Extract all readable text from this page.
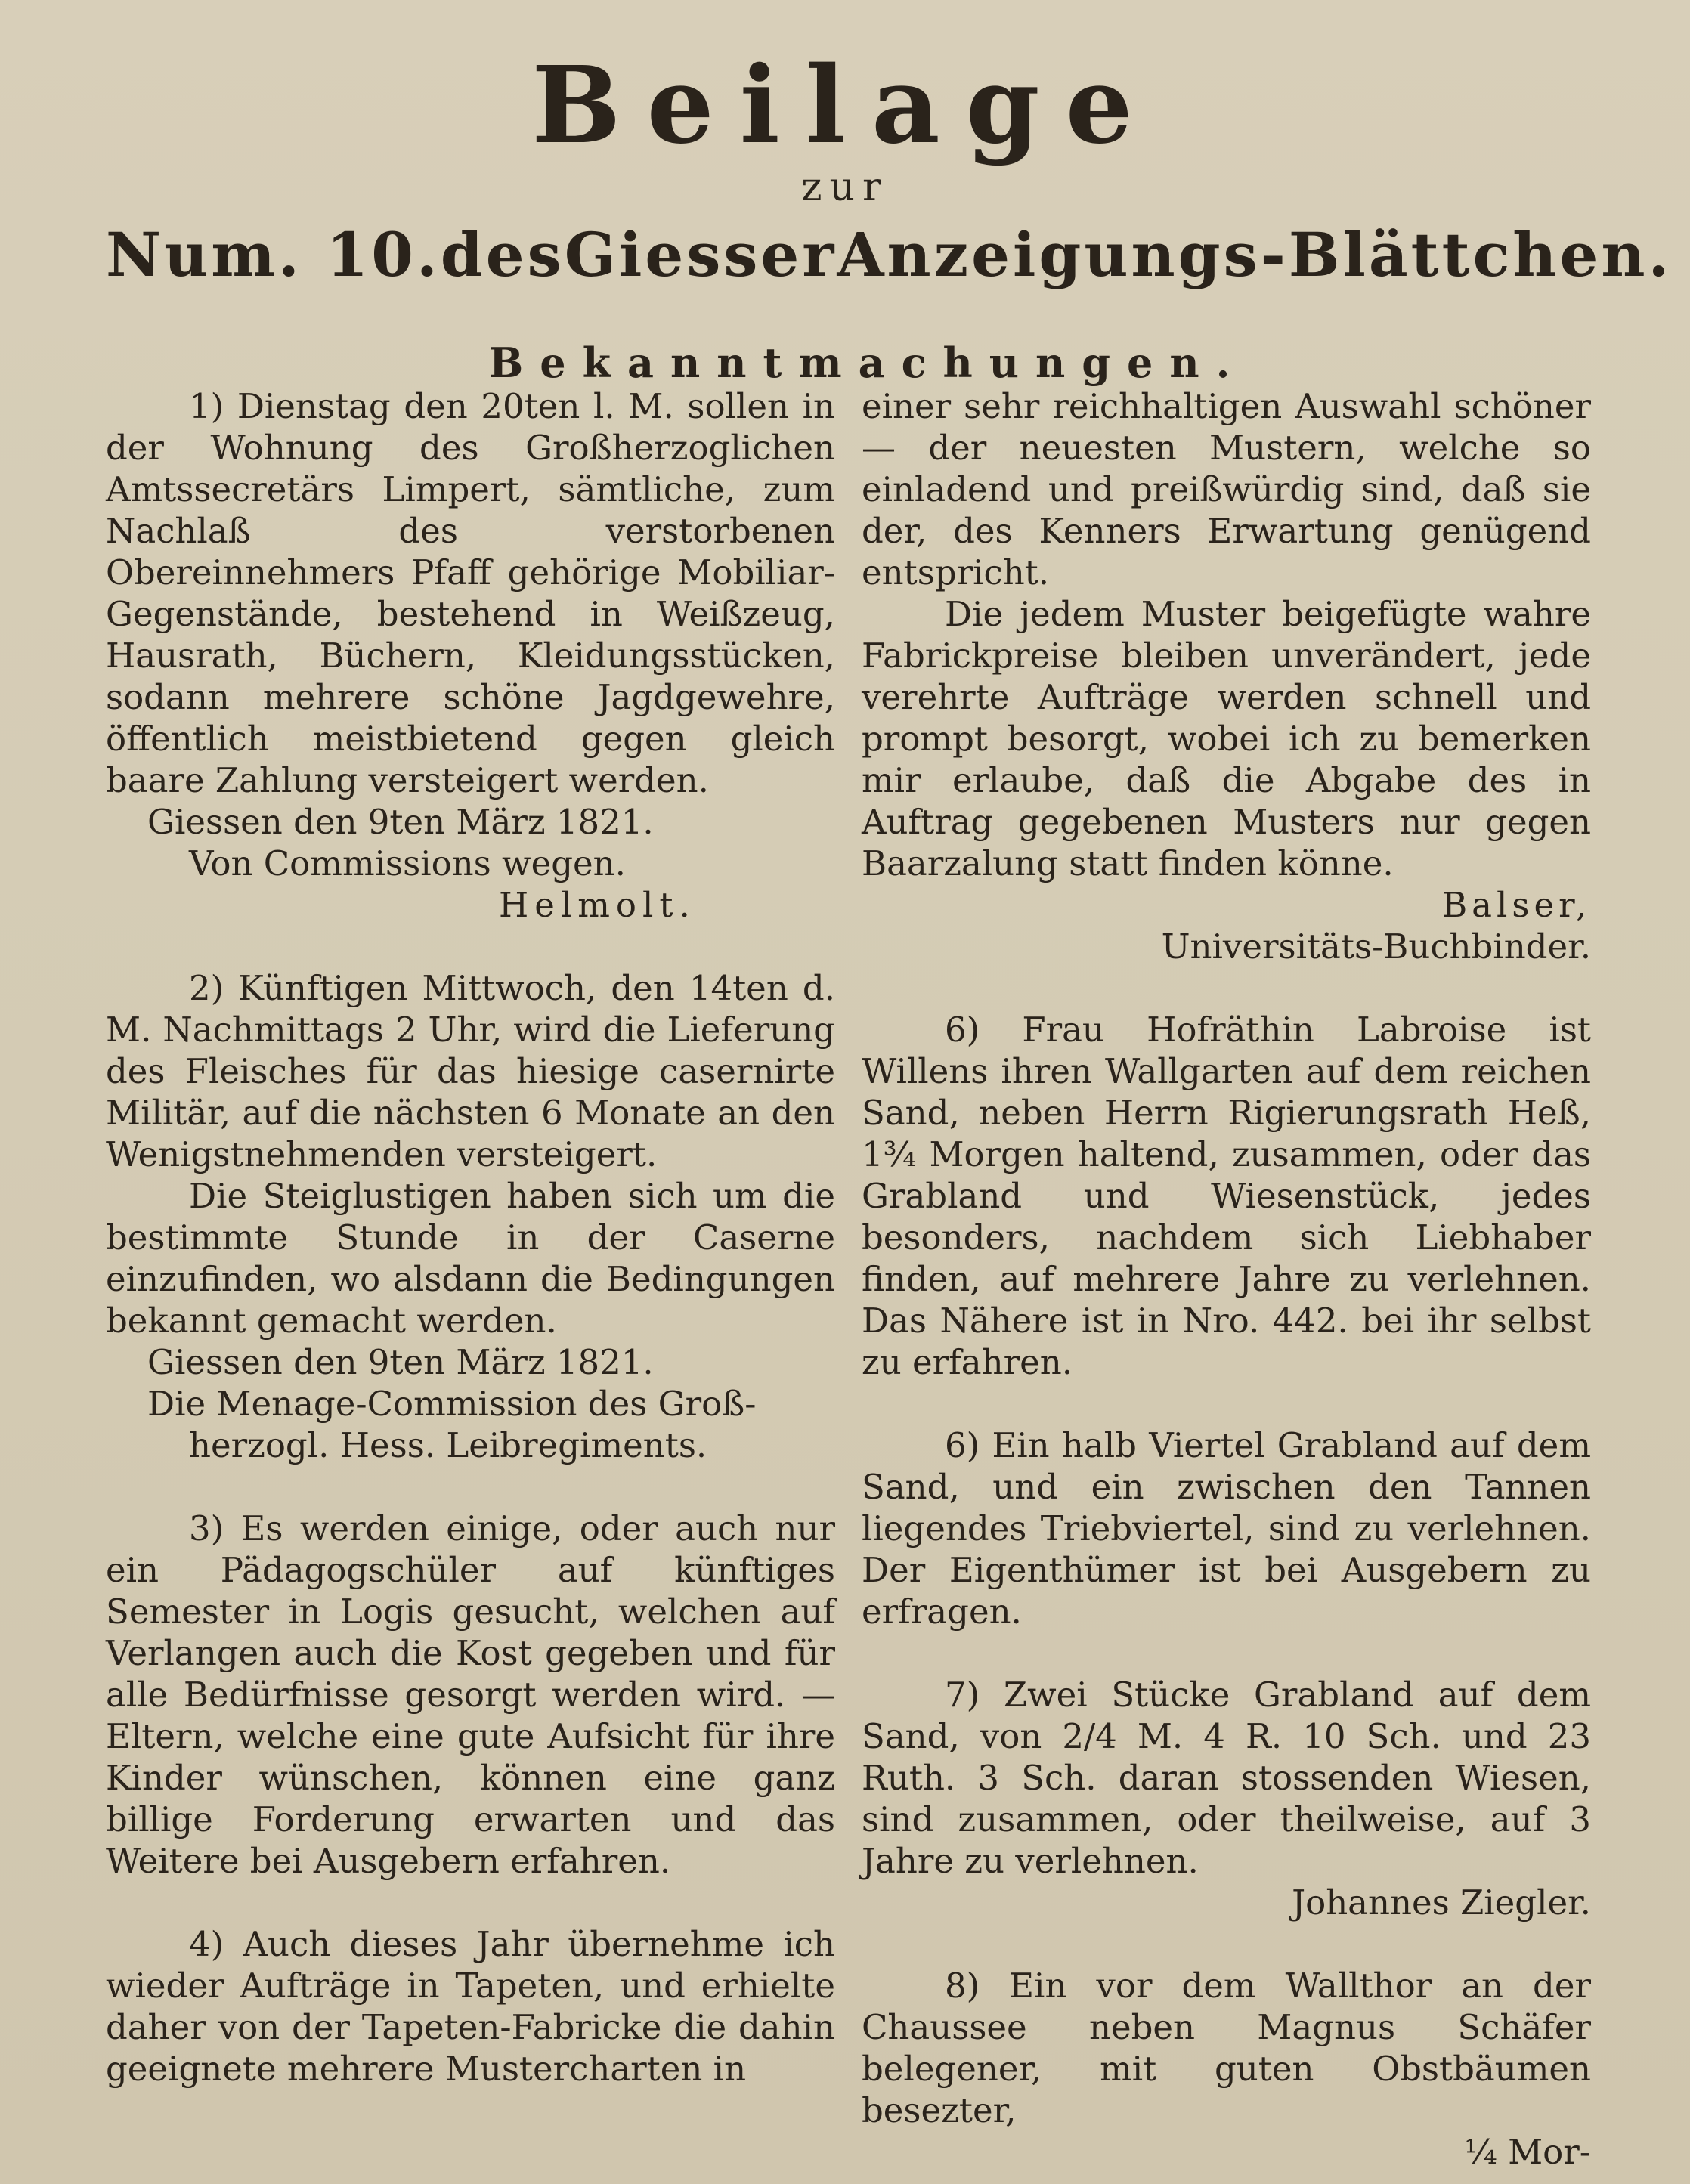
Beilage
zur
Num. 10. des Giesser Anzeigungs-Blättchen.
Bekanntmachungen.

1) Dienstag den 20ten l. M. sollen in der Wohnung des Großherzoglichen Amtssecretärs Limpert, sämtliche, zum Nachlaß des verstorbenen Obereinnehmers Pfaff gehörige Mobiliar-Gegenstände, bestehend in Weißzeug, Hausrath, Büchern, Kleidungsstücken, sodann mehrere schöne Jagdgewehre, öffentlich meistbietend gegen gleich baare Zahlung versteigert werden.

Giessen den 9ten März 1821.

Von Commissions wegen.

Helmolt.

2) Künftigen Mittwoch, den 14ten d. M. Nachmittags 2 Uhr, wird die Lieferung des Fleisches für das hiesige casernirte Militär, auf die nächsten 6 Monate an den Wenigstnehmenden versteigert.

Die Steiglustigen haben sich um die bestimmte Stunde in der Caserne einzufinden, wo alsdann die Bedingungen bekannt gemacht werden.

Giessen den 9ten März 1821.

Die Menage-Commission des Groß-

herzogl. Hess. Leibregiments.

3) Es werden einige, oder auch nur ein Pädagogschüler auf künftiges Semester in Logis gesucht, welchen auf Verlangen auch die Kost gegeben und für alle Bedürfnisse gesorgt werden wird. — Eltern, welche eine gute Aufsicht für ihre Kinder wünschen, können eine ganz billige Forderung erwarten und das Weitere bei Ausgebern erfahren.

4) Auch dieses Jahr übernehme ich wieder Aufträge in Tapeten, und erhielte daher von der Tapeten-Fabricke die dahin geeignete mehrere Mustercharten in

einer sehr reichhaltigen Auswahl schöner — der neuesten Mustern, welche so einladend und preißwürdig sind, daß sie der, des Kenners Erwartung genügend entspricht.

Die jedem Muster beigefügte wahre Fabrickpreise bleiben unverändert, jede verehrte Aufträge werden schnell und prompt besorgt, wobei ich zu bemerken mir erlaube, daß die Abgabe des in Auftrag gegebenen Musters nur gegen Baarzalung statt finden könne.

Balser,

Universitäts-Buchbinder.

6) Frau Hofräthin Labroise ist Willens ihren Wallgarten auf dem reichen Sand, neben Herrn Rigierungsrath Heß, 1¾ Morgen haltend, zusammen, oder das Grabland und Wiesenstück, jedes besonders, nachdem sich Liebhaber finden, auf mehrere Jahre zu verlehnen. Das Nähere ist in Nro. 442. bei ihr selbst zu erfahren.

6) Ein halb Viertel Grabland auf dem Sand, und ein zwischen den Tannen liegendes Triebviertel, sind zu verlehnen. Der Eigenthümer ist bei Ausgebern zu erfragen.

7) Zwei Stücke Grabland auf dem Sand, von 2/4 M. 4 R. 10 Sch. und 23 Ruth. 3 Sch. daran stossenden Wiesen, sind zusammen, oder theilweise, auf 3 Jahre zu verlehnen.

Johannes Ziegler.

8) Ein vor dem Wallthor an der Chaussee neben Magnus Schäfer belegener, mit guten Obstbäumen besezter,

¼ Mor-
